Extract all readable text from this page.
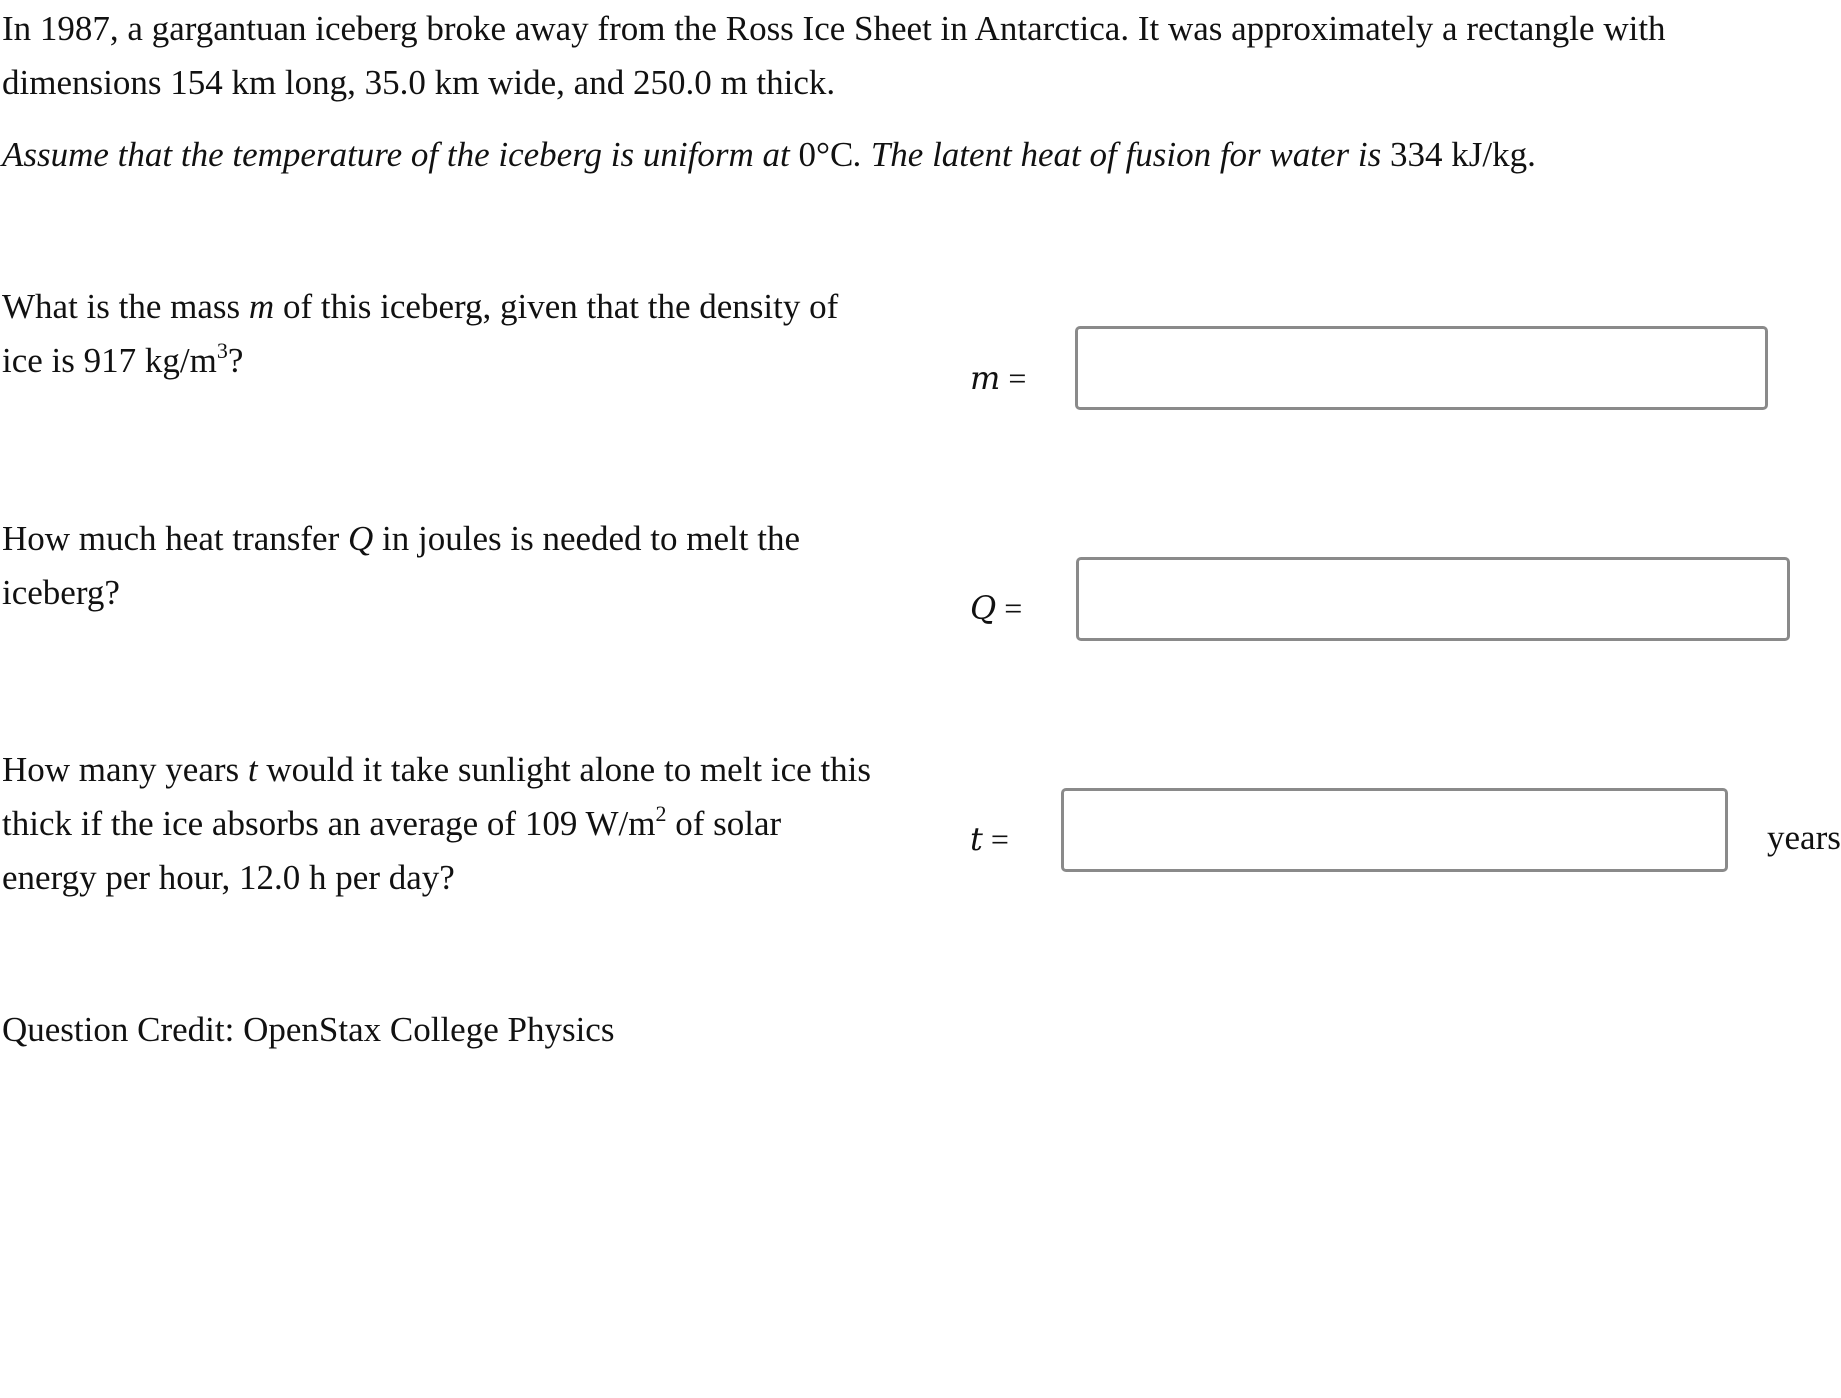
In 1987, a gargantuan iceberg broke away from the Ross Ice Sheet in Antarctica. It was approximately a rectangle with dimensions 154 km long, 35.0 km wide, and 250.0 m thick.

Assume that the temperature of the iceberg is uniform at 0°C. The latent heat of fusion for water is 334 kJ/kg.

What is the mass m of this iceberg, given that the density of ice is 917 $kg/m^3$?	m =

How much heat transfer Q in joules is needed to melt the iceberg?	Q =

How many years t would it take sunlight alone to melt ice this thick if the ice absorbs an average of 109 $W/m^2$ of solar energy per hour, 12.0 h per day?

t =	years

Question Credit: OpenStax College Physics
